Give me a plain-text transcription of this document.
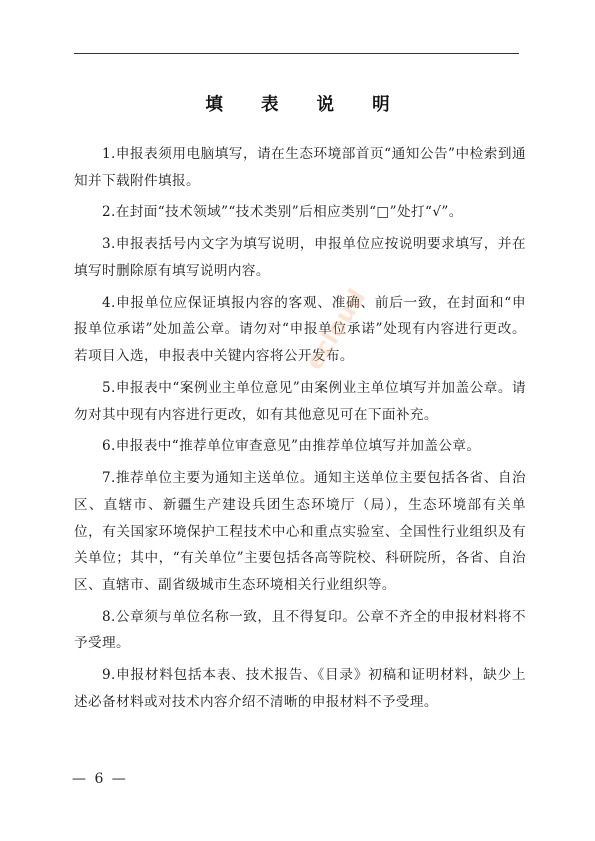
填 表 说 明

1.申报表须用电脑填写，请在生态环境部首页“通知公告”中检索到通知并下载附件填报。

2.在封面“技术领域”“技术类别”后相应类别“□”处打“√”。

3.申报表括号内文字为填写说明，申报单位应按说明要求填写，并在填写时删除原有填写说明内容。

4.申报单位应保证填报内容的客观、准确、前后一致，在封面和“申报单位承诺”处加盖公章。请勿对“申报单位承诺”处现有内容进行更改。若项目入选，申报表中关键内容将公开发布。

5.申报表中“案例业主单位意见”由案例业主单位填写并加盖公章。请勿对其中现有内容进行更改，如有其他意见可在下面补充。

6.申报表中“推荐单位审查意见”由推荐单位填写并加盖公章。

7.推荐单位主要为通知主送单位。通知主送单位主要包括各省、自治区、直辖市、新疆生产建设兵团生态环境厅（局），生态环境部有关单位，有关国家环境保护工程技术中心和重点实验室、全国性行业组织及有关单位；其中，“有关单位”主要包括各高等院校、科研院所，各省、自治区、直辖市、副省级城市生态环境相关行业组织等。

8.公章须与单位名称一致，且不得复印。公章不齐全的申报材料将不予受理。

9.申报材料包括本表、技术报告、《目录》初稿和证明材料，缺少上述必备材料或对技术内容介绍不清晰的申报材料不予受理。

ecloud
— 6 —
